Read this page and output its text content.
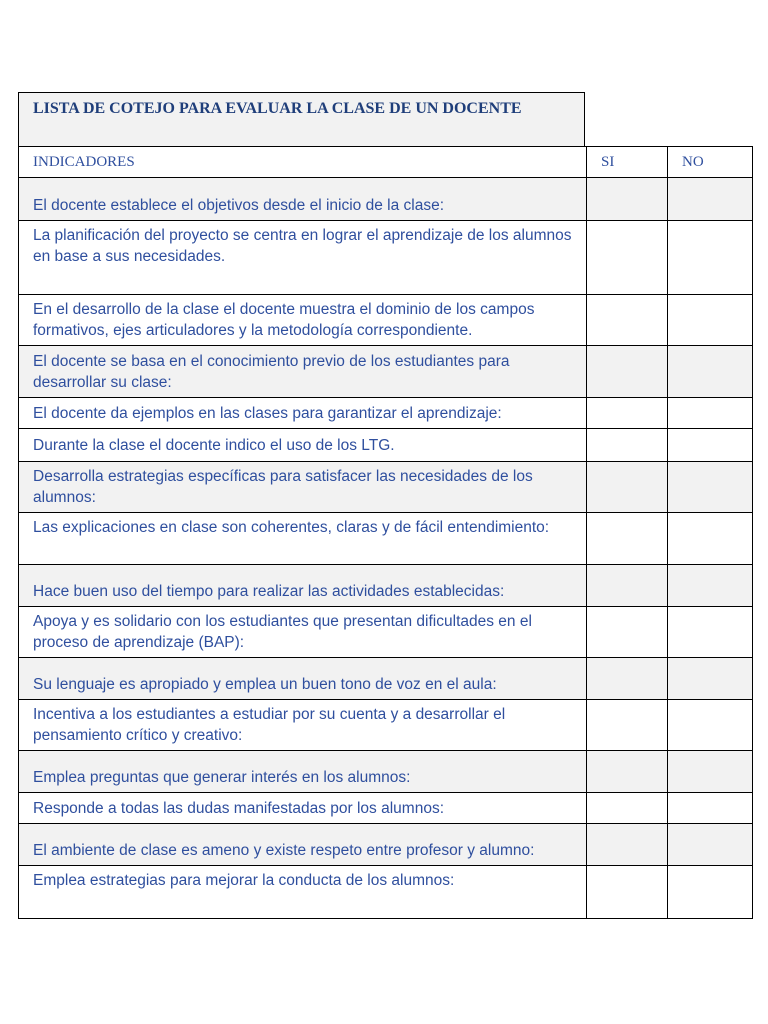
LISTA DE COTEJO PARA EVALUAR LA CLASE DE UN DOCENTE
INDICADORES	SI	NO
El docente establece el objetivos desde el inicio de la clase:		
La planificación del proyecto se centra en lograr el aprendizaje de los alumnos en base a sus necesidades.		
En el desarrollo de la clase el docente muestra el dominio de los campos formativos, ejes articuladores y la metodología correspondiente.		
El docente se basa en el conocimiento previo de los estudiantes para desarrollar su clase:		
El docente da ejemplos en las clases para garantizar el aprendizaje:		
Durante la clase el docente indico el uso de los LTG.		
Desarrolla estrategias específicas para satisfacer las necesidades de los alumnos:		
Las explicaciones en clase son coherentes, claras y de fácil entendimiento:		
Hace buen uso del tiempo para realizar las actividades establecidas:		
Apoya y es solidario con los estudiantes que presentan dificultades en el proceso de aprendizaje (BAP):		
Su lenguaje es apropiado y emplea un buen tono de voz en el aula:		
Incentiva a los estudiantes a estudiar por su cuenta y a desarrollar el pensamiento crítico y creativo:		
Emplea preguntas que generar interés en los alumnos:		
Responde a todas las dudas manifestadas por los alumnos:		
El ambiente de clase es ameno y existe respeto entre profesor y alumno:		
Emplea estrategias para mejorar la conducta de los alumnos:		
